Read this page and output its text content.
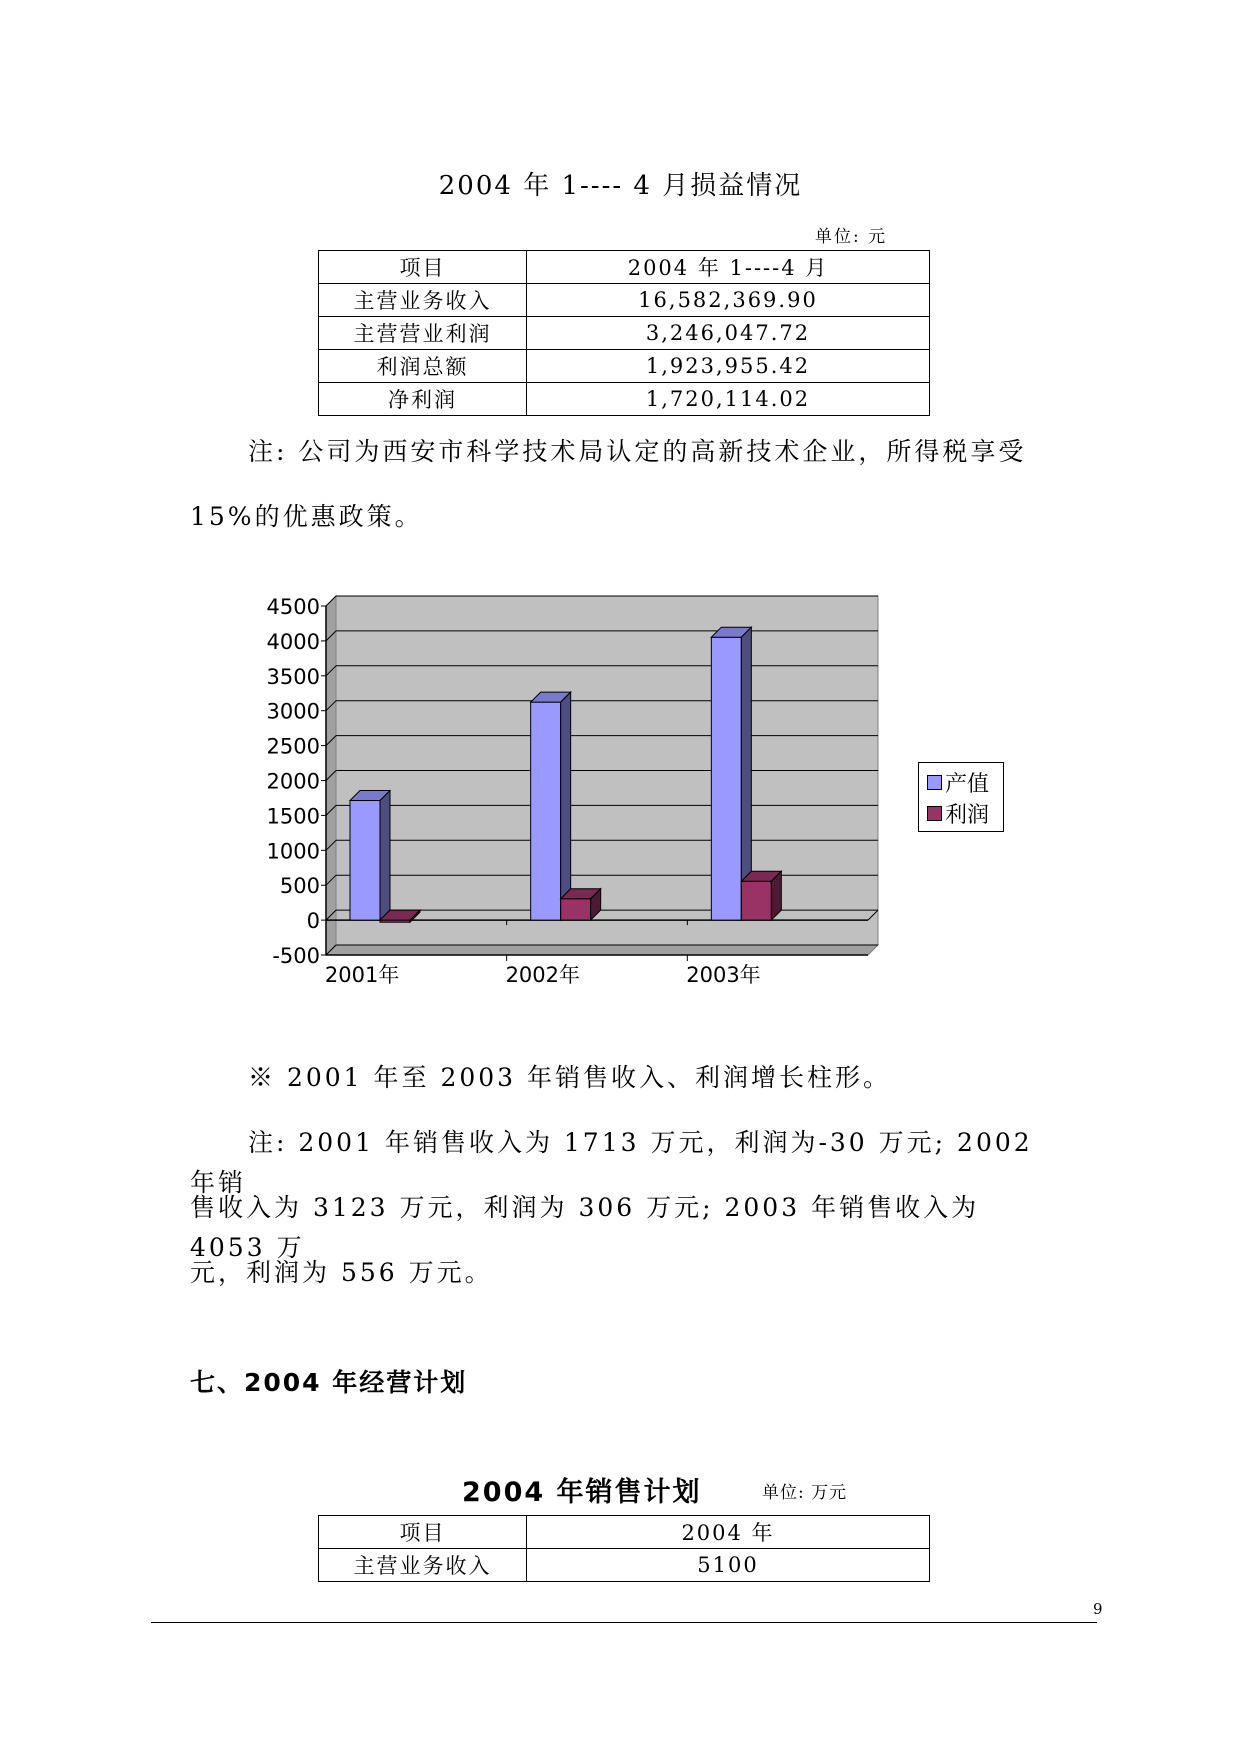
2004 年 1---- 4 月损益情况
单位: 元
项目	2004 年 1----4 月
主营业务收入	16,582,369.90
主营营业利润	3,246,047.72
利润总额	1,923,955.42
净利润	1,720,114.02
注: 公司为西安市科学技术局认定的高新技术企业，所得税享受
15%的优惠政策。
4500
4000
3500
3000
2500
2000
1500
1000
500
0
-500
2001年	2002年	2003年
产值
利润
※ 2001 年至 2003 年销售收入、利润增长柱形。
注: 2001 年销售收入为 1713 万元，利润为-30 万元; 2002 年销
售收入为 3123 万元，利润为 306 万元; 2003 年销售收入为 4053 万
元，利润为 556 万元。
七、2004 年经营计划
2004 年销售计划	单位: 万元
项目	2004 年
主营业务收入	5100
9
